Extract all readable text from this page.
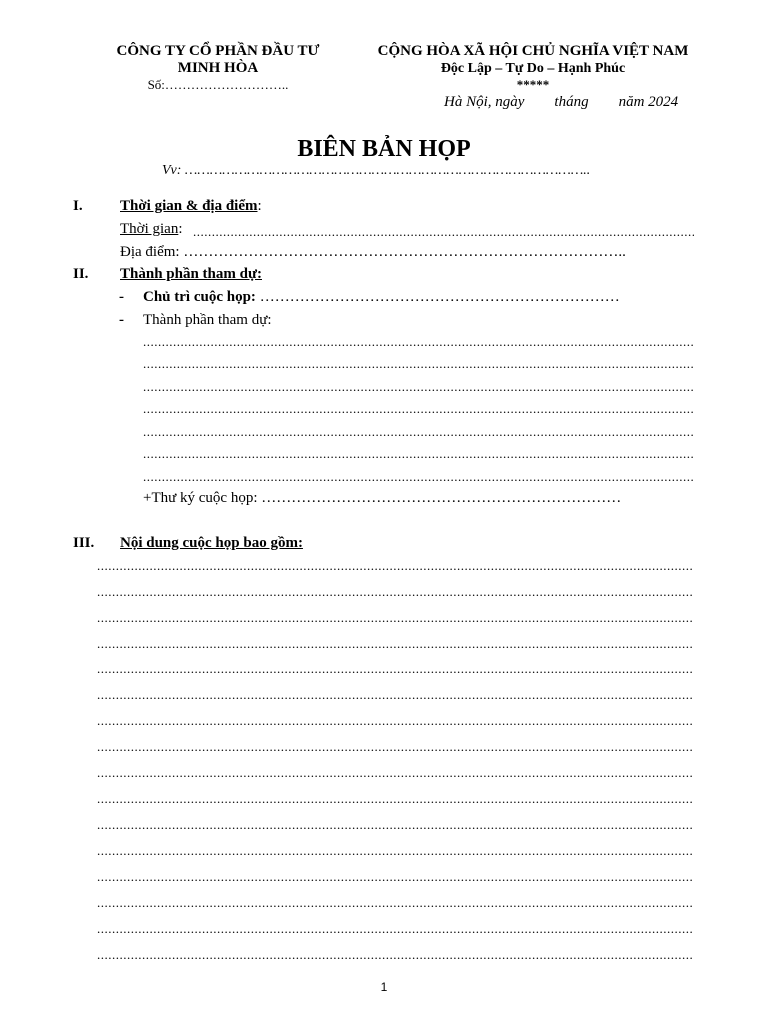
CÔNG TY CỔ PHẦN ĐẦU TƯ
MINH HÒA
Số:………………………..
CỘNG HÒA XÃ HỘI CHỦ NGHĨA VIỆT NAM
Độc Lập – Tự Do – Hạnh Phúc
*****
Hà Nội, ngày        tháng        năm 2024
BIÊN BẢN HỌP
Vv: ……………………………………………………………………………………..
I. Thời gian & địa điểm:
Thời gian:
.....
Địa điểm: ……………………………………………………………………………..
II. Thành phần tham dự:
- Chủ trì cuộc họp: ………………………………………………………………
- Thành phần tham dự:
.....
.....
.....
.....
.....
.....
.....
+Thư ký cuộc họp: ………………………………………………………………
III. Nội dung cuộc họp bao gồm:
.....
.....
.....
.....
.....
.....
.....
.....
.....
.....
.....
.....
.....
.....
.....
.....
1
